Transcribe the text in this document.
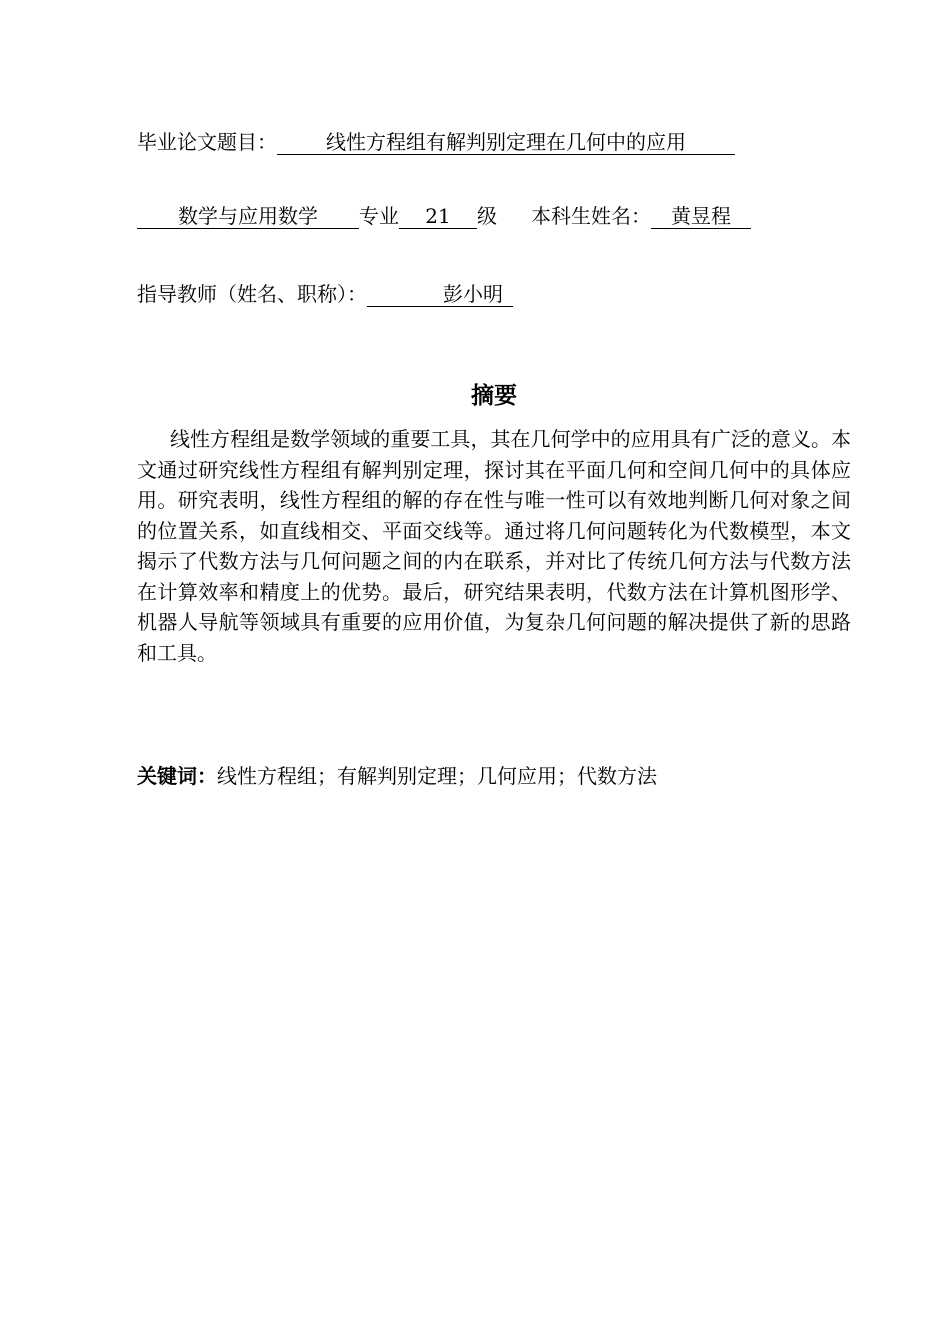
毕业论文题目： 线性方程组有解判别定理在几何中的应用
数学与应用数学 专业 21 级 本科生姓名： 黄昱程
指导教师（姓名、职称）：	彭小明
摘要

线性方程组是数学领域的重要工具，其在几何学中的应用具有广泛的意义。本文通过研究线性方程组有解判别定理，探讨其在平面几何和空间几何中的具体应用。研究表明，线性方程组的解的存在性与唯一性可以有效地判断几何对象之间的位置关系，如直线相交、平面交线等。通过将几何问题转化为代数模型，本文揭示了代数方法与几何问题之间的内在联系，并对比了传统几何方法与代数方法在计算效率和精度上的优势。最后，研究结果表明，代数方法在计算机图形学、机器人导航等领域具有重要的应用价值，为复杂几何问题的解决提供了新的思路和工具。

关键词：线性方程组；有解判别定理；几何应用；代数方法
